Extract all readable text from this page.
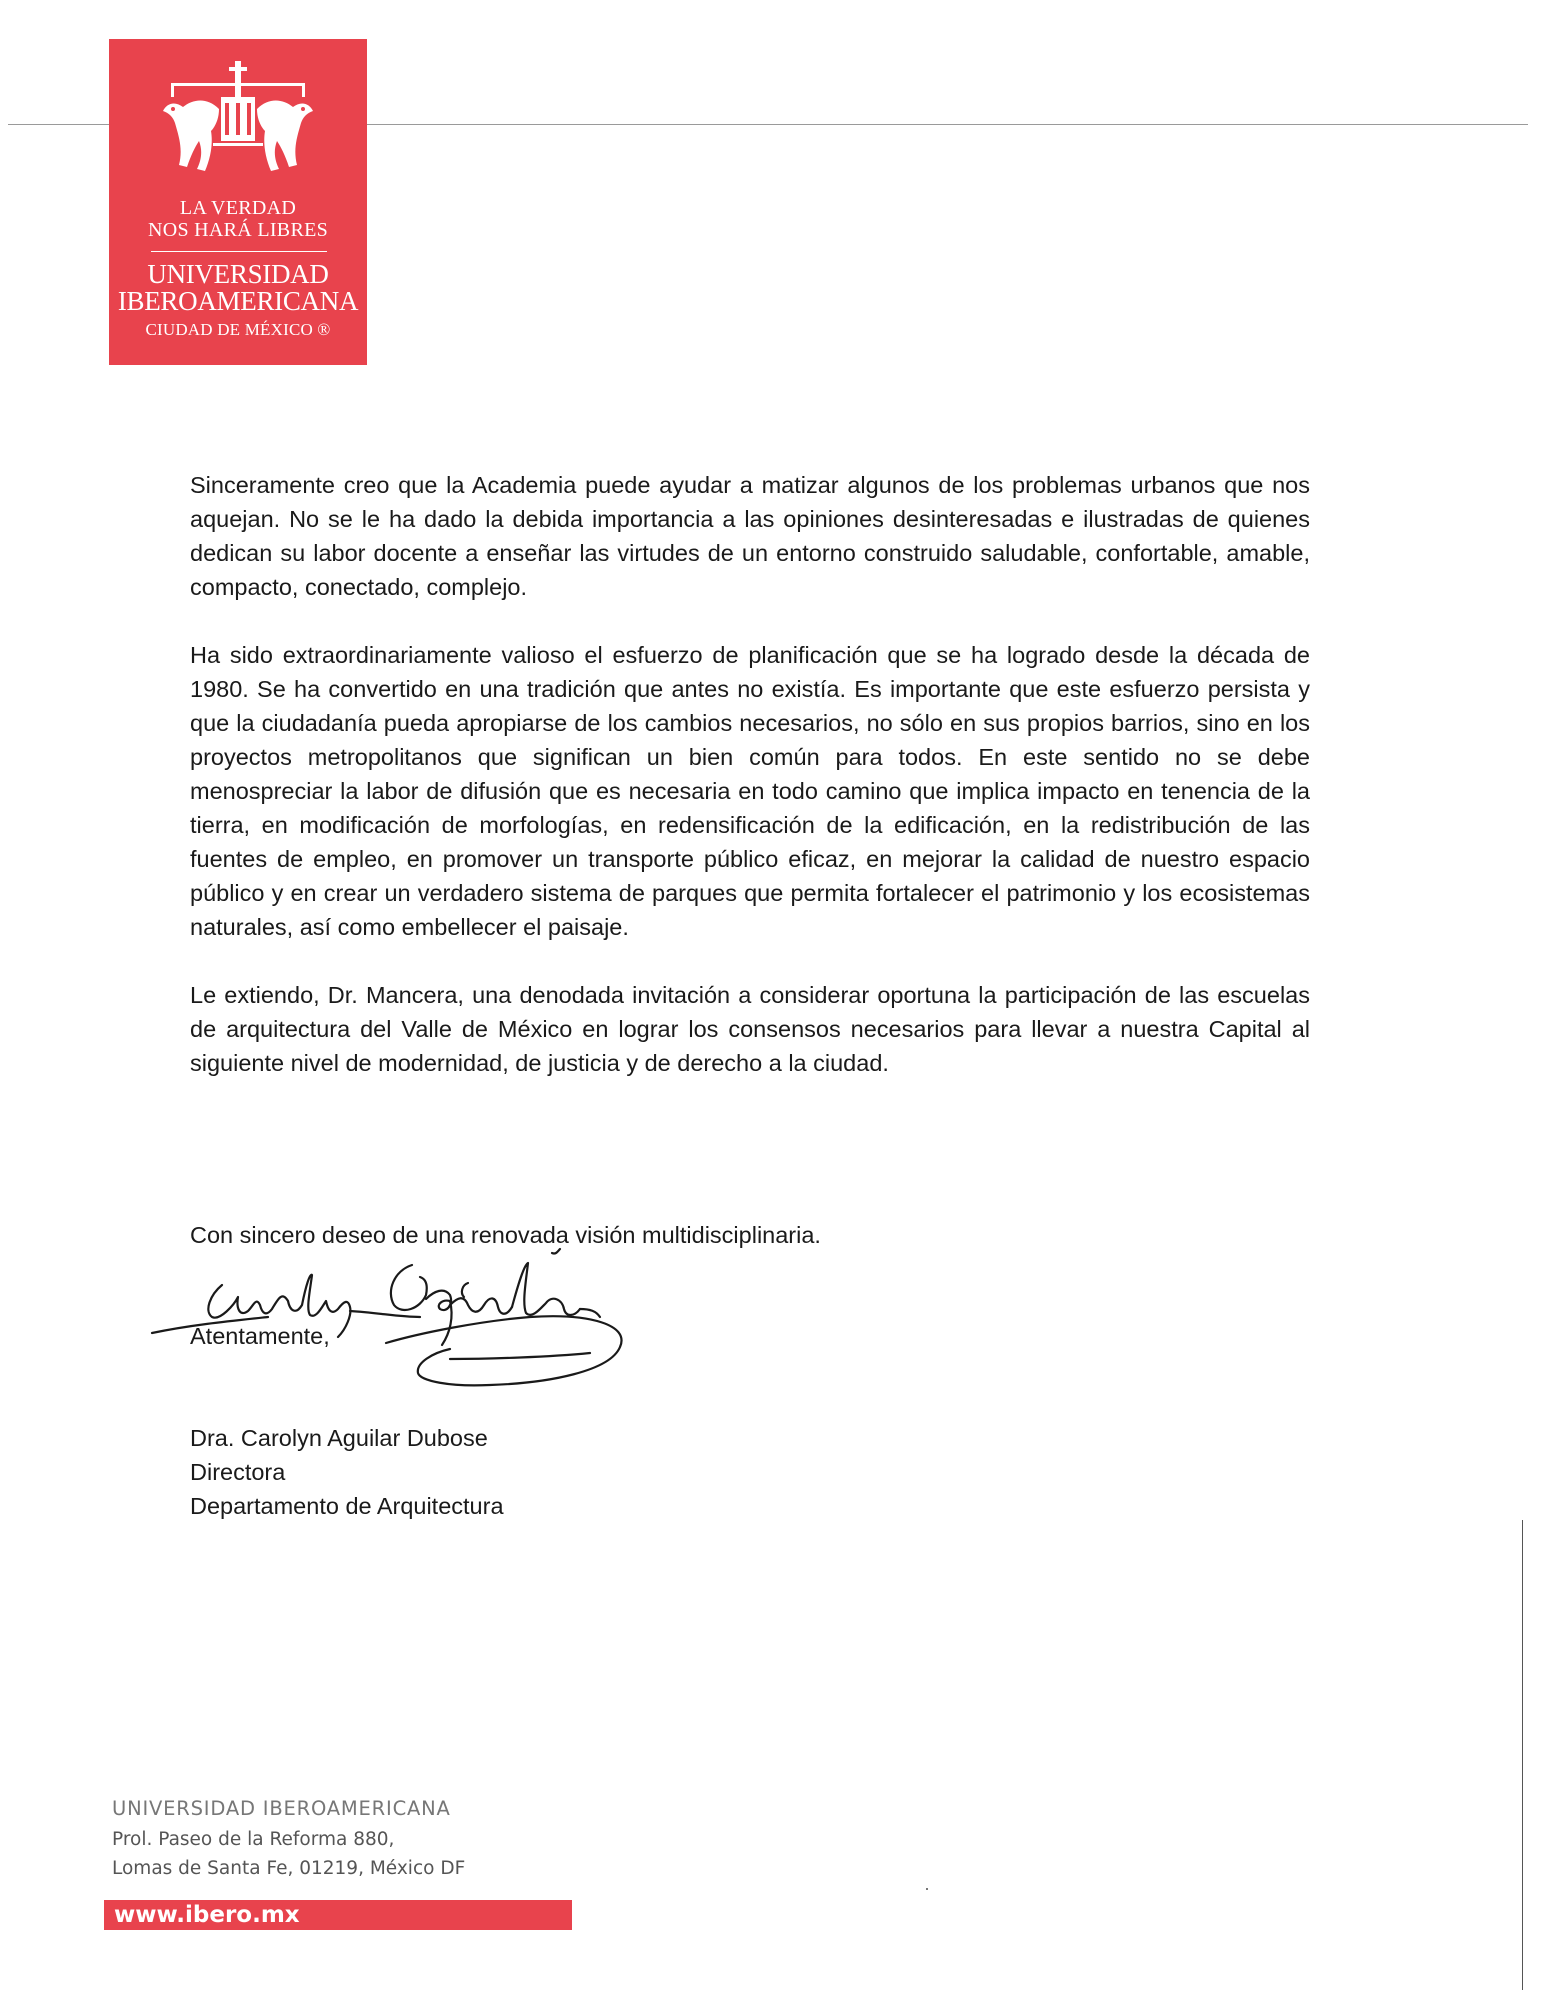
LA VERDAD
NOS HARÁ LIBRES
UNIVERSIDAD
IBEROAMERICANA
CIUDAD DE MÉXICO ®

Sinceramente creo que la Academia puede ayudar a matizar algunos de los problemas urbanos que nos aquejan. No se le ha dado la debida importancia a las opiniones desinteresadas e ilustradas de quienes dedican su labor docente a enseñar las virtudes de un entorno construido saludable, confortable, amable, compacto, conectado, complejo.

Ha sido extraordinariamente valioso el esfuerzo de planificación que se ha logrado desde la década de 1980. Se ha convertido en una tradición que antes no existía. Es importante que este esfuerzo persista y que la ciudadanía pueda apropiarse de los cambios necesarios, no sólo en sus propios barrios, sino en los proyectos metropolitanos que significan un bien común para todos. En este sentido no se debe menospreciar la labor de difusión que es necesaria en todo camino que implica impacto en tenencia de la tierra, en modificación de morfologías, en redensificación de la edificación, en la redistribución de las fuentes de empleo, en promover un transporte público eficaz, en mejorar la calidad de nuestro espacio público y en crear un verdadero sistema de parques que permita fortalecer el patrimonio y los ecosistemas naturales, así como embellecer el paisaje.

Le extiendo, Dr. Mancera, una denodada invitación a considerar oportuna la participación de las escuelas de arquitectura del Valle de México en lograr los consensos necesarios para llevar a nuestra Capital al siguiente nivel de modernidad, de justicia y de derecho a la ciudad.

Con sincero deseo de una renovada visión multidisciplinaria.
Atentamente,
Dra. Carolyn Aguilar Dubose
Directora
Departamento de Arquitectura
UNIVERSIDAD IBEROAMERICANA
Prol. Paseo de la Reforma 880,
Lomas de Santa Fe, 01219, México DF
www.ibero.mx
